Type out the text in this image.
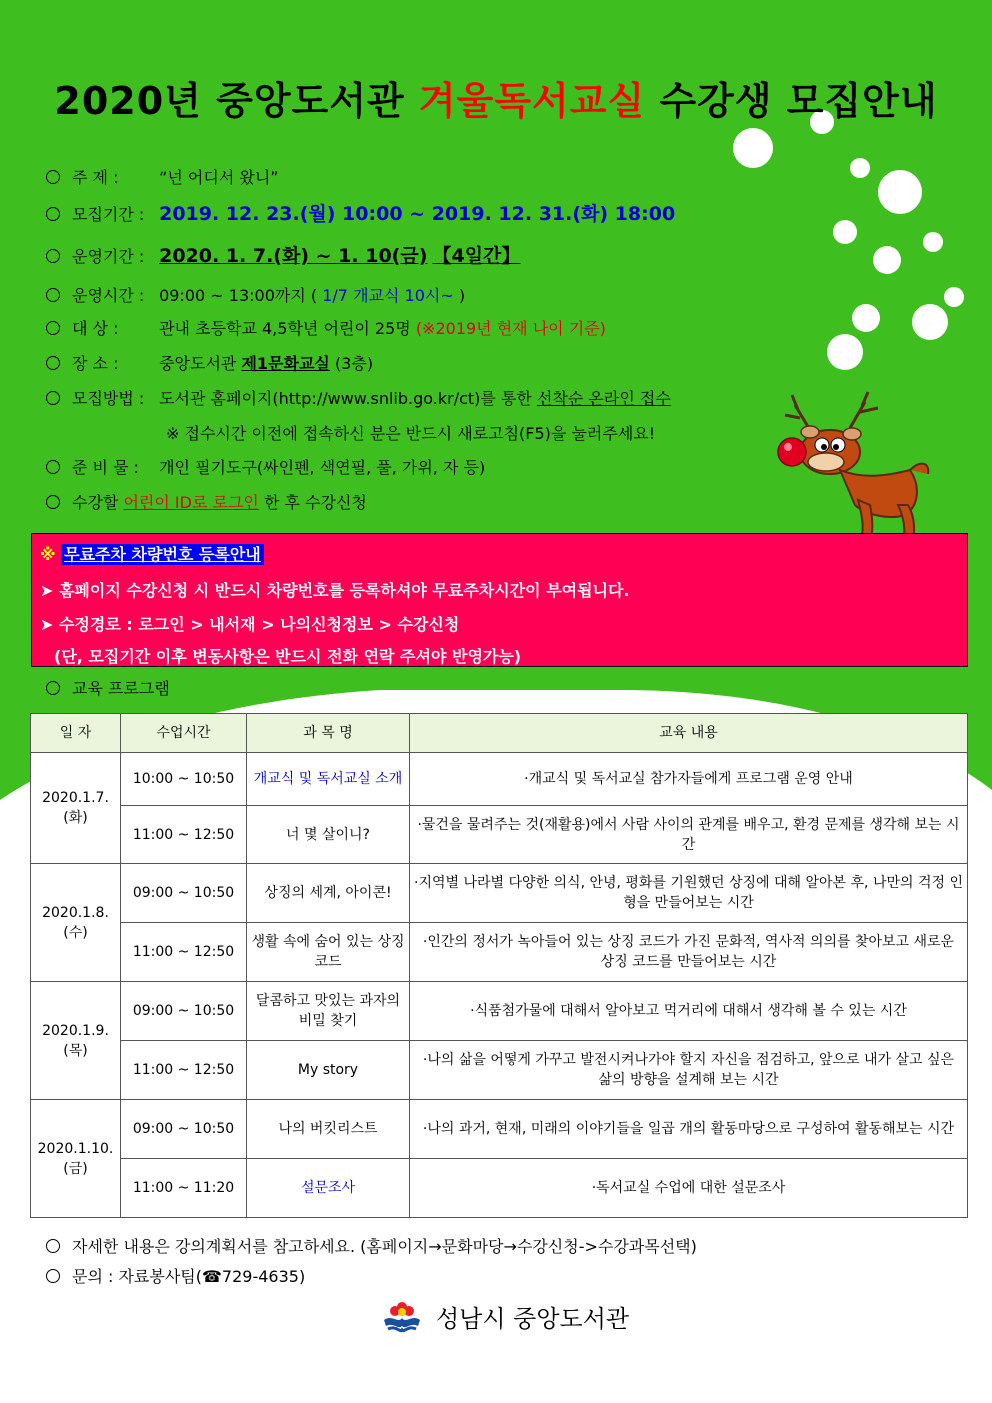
2020년 중앙도서관 겨울독서교실 수강생 모집안내
주 제 :	“넌 어디서 왔니”
모집기간 : 2019. 12. 23.(월) 10:00 ~ 2019. 12. 31.(화) 18:00
운영기간 : 2020. 1. 7.(화) ~ 1. 10(금) 【4일간】
운영시간 : 09:00 ~ 13:00까지 ( 1/7 개교식 10시~ )
대 상 :	관내 초등학교 4,5학년 어린이 25명 (※2019년 현재 나이 기준)
장 소 :	중앙도서관 제1문화교실 (3층)
모집방법 : 도서관 홈페이지(http://www.snlib.go.kr/ct)를 통한 선착순 온라인 접수
※ 접수시간 이전에 접속하신 분은 반드시 새로고침(F5)을 눌러주세요!
준 비 물 : 개인 필기도구(싸인펜, 색연필, 풀, 가위, 자 등)
수강할 어린이 ID로 로그인 한 후 수강신청
※ 무료주차 차량번호 등록안내
➤ 홈페이지 수강신청 시 반드시 차량번호를 등록하셔야 무료주차시간이 부여됩니다.
➤ 수정경로 : 로그인 > 내서재 > 나의신청정보 > 수강신청
(단, 모집기간 이후 변동사항은 반드시 전화 연락 주셔야 반영가능)
교육 프로그램
일 자	수업시간	과 목 명	교육 내용
2020.1.7.
(화)	10:00 ~ 10:50	개교식 및 독서교실 소개	·개교식 및 독서교실 참가자들에게 프로그램 운영 안내
	11:00 ~ 12:50	너 몇 살이니?	·물건을 물려주는 것(재활용)에서 사람 사이의 관계를 배우고, 환경 문제를 생각해 보는 시간
2020.1.8.
(수)	09:00 ~ 10:50	상징의 세계, 아이콘!	·지역별 나라별 다양한 의식, 안녕, 평화를 기원했던 상징에 대해 알아본 후, 나만의 걱정 인형을 만들어보는 시간
	11:00 ~ 12:50	생활 속에 숨어 있는 상징코드	·인간의 정서가 녹아들어 있는 상징 코드가 가진 문화적, 역사적 의의를 찾아보고 새로운 상징 코드를 만들어보는 시간
2020.1.9.
(목)	09:00 ~ 10:50	달콤하고 맛있는 과자의 비밀 찾기	·식품첨가물에 대해서 알아보고 먹거리에 대해서 생각해 볼 수 있는 시간
	11:00 ~ 12:50	My story	·나의 삶을 어떻게 가꾸고 발전시켜나가야 할지 자신을 점검하고, 앞으로 내가 살고 싶은 삶의 방향을 설계해 보는 시간
2020.1.10.
(금)	09:00 ~ 10:50	나의 버킷리스트	·나의 과거, 현재, 미래의 이야기들을 일곱 개의 활동마당으로 구성하여 활동해보는 시간
	11:00 ~ 11:20	설문조사	·독서교실 수업에 대한 설문조사
자세한 내용은 강의계획서를 참고하세요. (홈페이지→문화마당→수강신청->수강과목선택)
문의 : 자료봉사팀(☎729-4635)
성남시 중앙도서관
